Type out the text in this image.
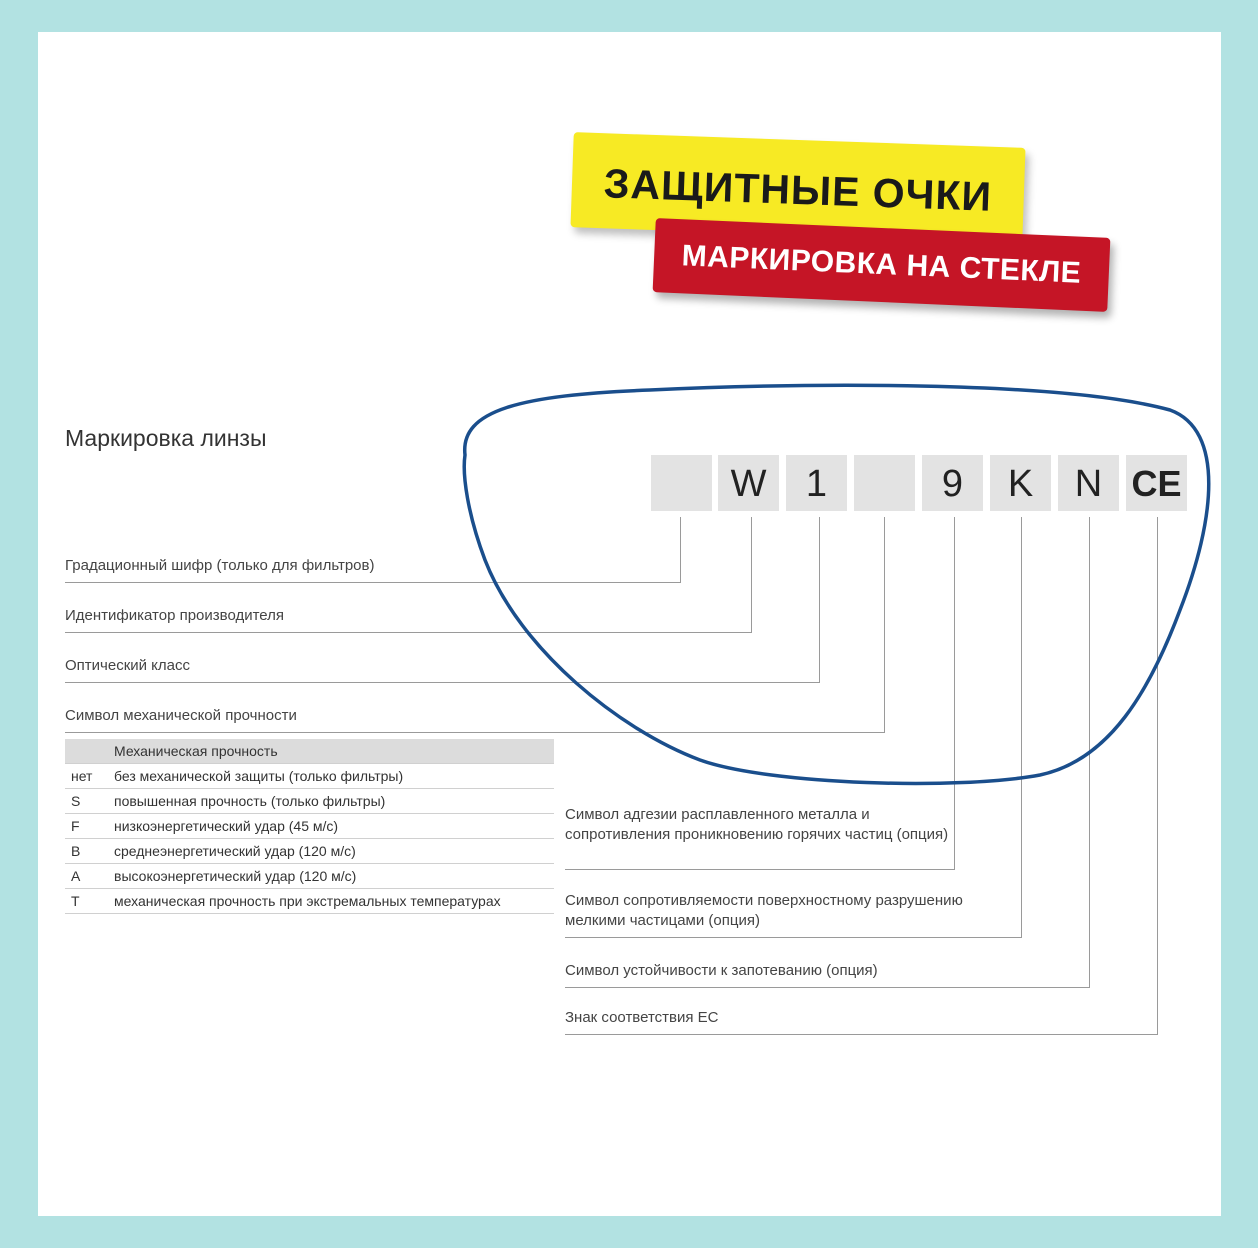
ЗАЩИТНЫЕ ОЧКИ
МАРКИРОВКА НА СТЕКЛЕ
Маркировка линзы
W	1	9	K	N CE
Градационный шифр (только для фильтров)
Идентификатор производителя
Оптический класс
Символ механической прочности
Механическая прочность
нет без механической защиты (только фильтры)
S повышенная прочность (только фильтры)
F низкоэнергетический удар (45 м/с)
B среднеэнергетический удар (120 м/с)
A высокоэнергетический удар (120 м/с)
T механическая прочность при экстремальных температурах
Символ адгезии расплавленного металла и сопротивления проникновению горячих частиц (опция)
Символ сопротивляемости поверхностному разрушению мелкими частицами (опция)
Символ устойчивости к запотеванию (опция)
Знак соответствия ЕС
